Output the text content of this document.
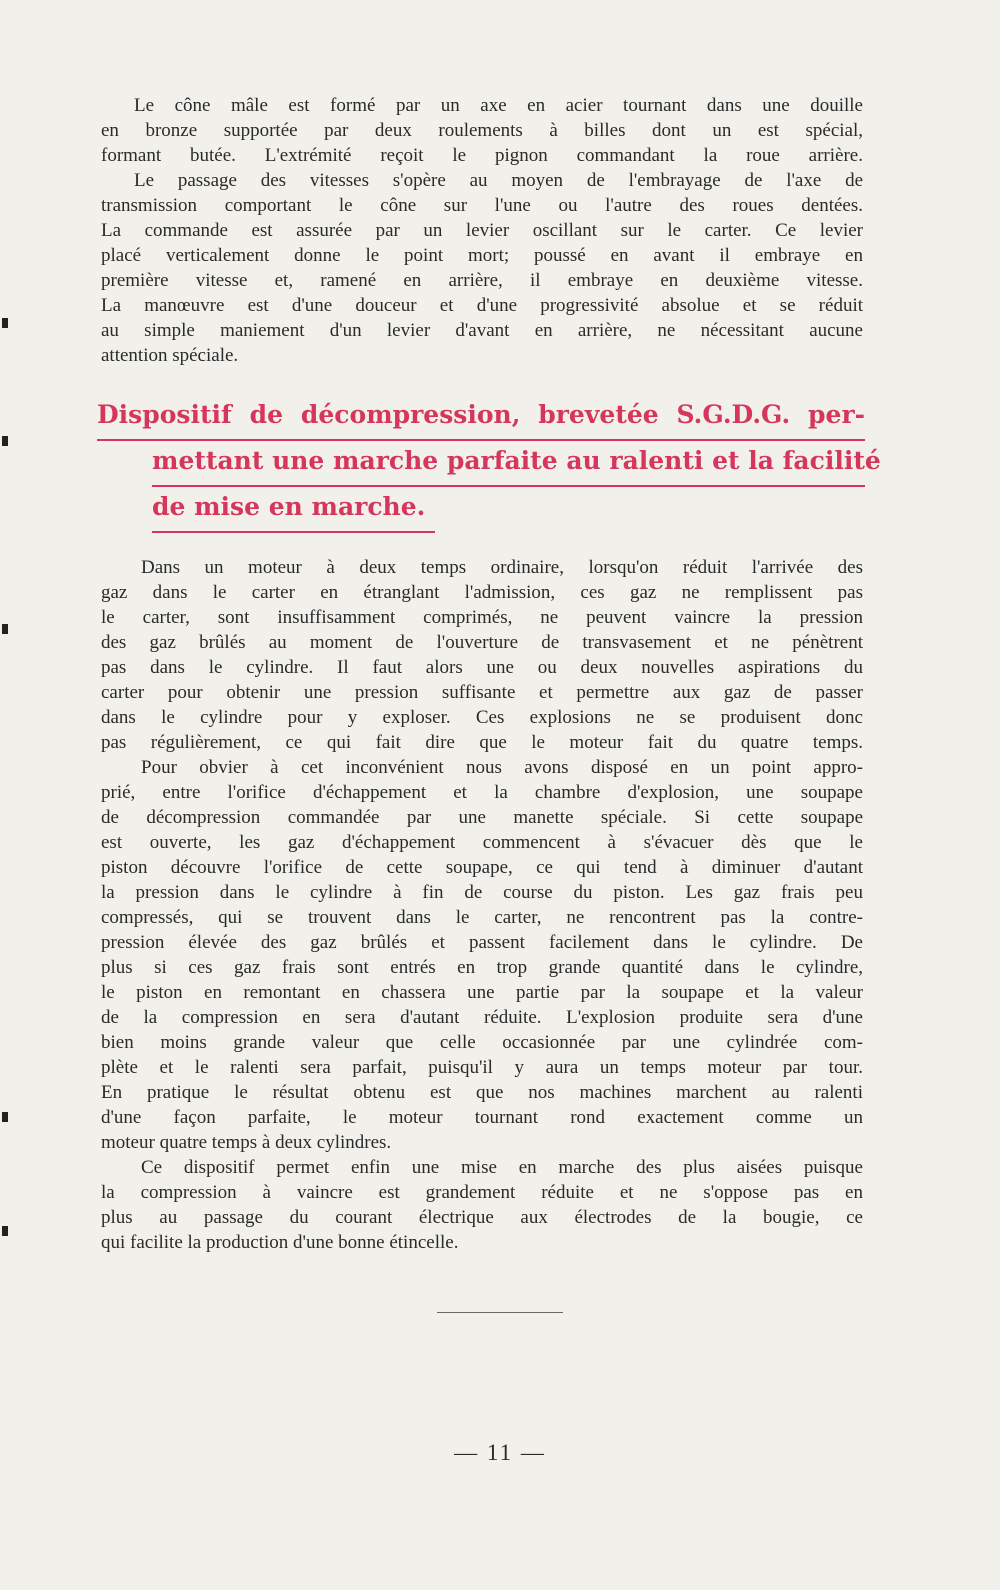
Le cône mâle est formé par un axe en acier tournant dans une douille
en bronze supportée par deux roulements à billes dont un est spécial,
formant butée. L'extrémité reçoit le pignon commandant la roue arrière.
Le passage des vitesses s'opère au moyen de l'embrayage de l'axe de
transmission comportant le cône sur l'une ou l'autre des roues dentées.
La commande est assurée par un levier oscillant sur le carter. Ce levier
placé verticalement donne le point mort; poussé en avant il embraye en
première vitesse et, ramené en arrière, il embraye en deuxième vitesse.
La manœuvre est d'une douceur et d'une progressivité absolue et se réduit
au simple maniement d'un levier d'avant en arrière, ne nécessitant aucune
attention spéciale.
Dispositif de décompression, brevetée S.G.D.G. per-
mettant une marche parfaite au ralenti et la facilité
de mise en marche.
Dans un moteur à deux temps ordinaire, lorsqu'on réduit l'arrivée des
gaz dans le carter en étranglant l'admission, ces gaz ne remplissent pas
le carter, sont insuffisamment comprimés, ne peuvent vaincre la pression
des gaz brûlés au moment de l'ouverture de transvasement et ne pénètrent
pas dans le cylindre. Il faut alors une ou deux nouvelles aspirations du
carter pour obtenir une pression suffisante et permettre aux gaz de passer
dans le cylindre pour y exploser. Ces explosions ne se produisent donc
pas régulièrement, ce qui fait dire que le moteur fait du quatre temps.
Pour obvier à cet inconvénient nous avons disposé en un point appro-
prié, entre l'orifice d'échappement et la chambre d'explosion, une soupape
de décompression commandée par une manette spéciale. Si cette soupape
est ouverte, les gaz d'échappement commencent à s'évacuer dès que le
piston découvre l'orifice de cette soupape, ce qui tend à diminuer d'autant
la pression dans le cylindre à fin de course du piston. Les gaz frais peu
compressés, qui se trouvent dans le carter, ne rencontrent pas la contre-
pression élevée des gaz brûlés et passent facilement dans le cylindre. De
plus si ces gaz frais sont entrés en trop grande quantité dans le cylindre,
le piston en remontant en chassera une partie par la soupape et la valeur
de la compression en sera d'autant réduite. L'explosion produite sera d'une
bien moins grande valeur que celle occasionnée par une cylindrée com-
plète et le ralenti sera parfait, puisqu'il y aura un temps moteur par tour.
En pratique le résultat obtenu est que nos machines marchent au ralenti
d'une façon parfaite, le moteur tournant rond exactement comme un
moteur quatre temps à deux cylindres.
Ce dispositif permet enfin une mise en marche des plus aisées puisque
la compression à vaincre est grandement réduite et ne s'oppose pas en
plus au passage du courant électrique aux électrodes de la bougie, ce
qui facilite la production d'une bonne étincelle.
— 11 —
